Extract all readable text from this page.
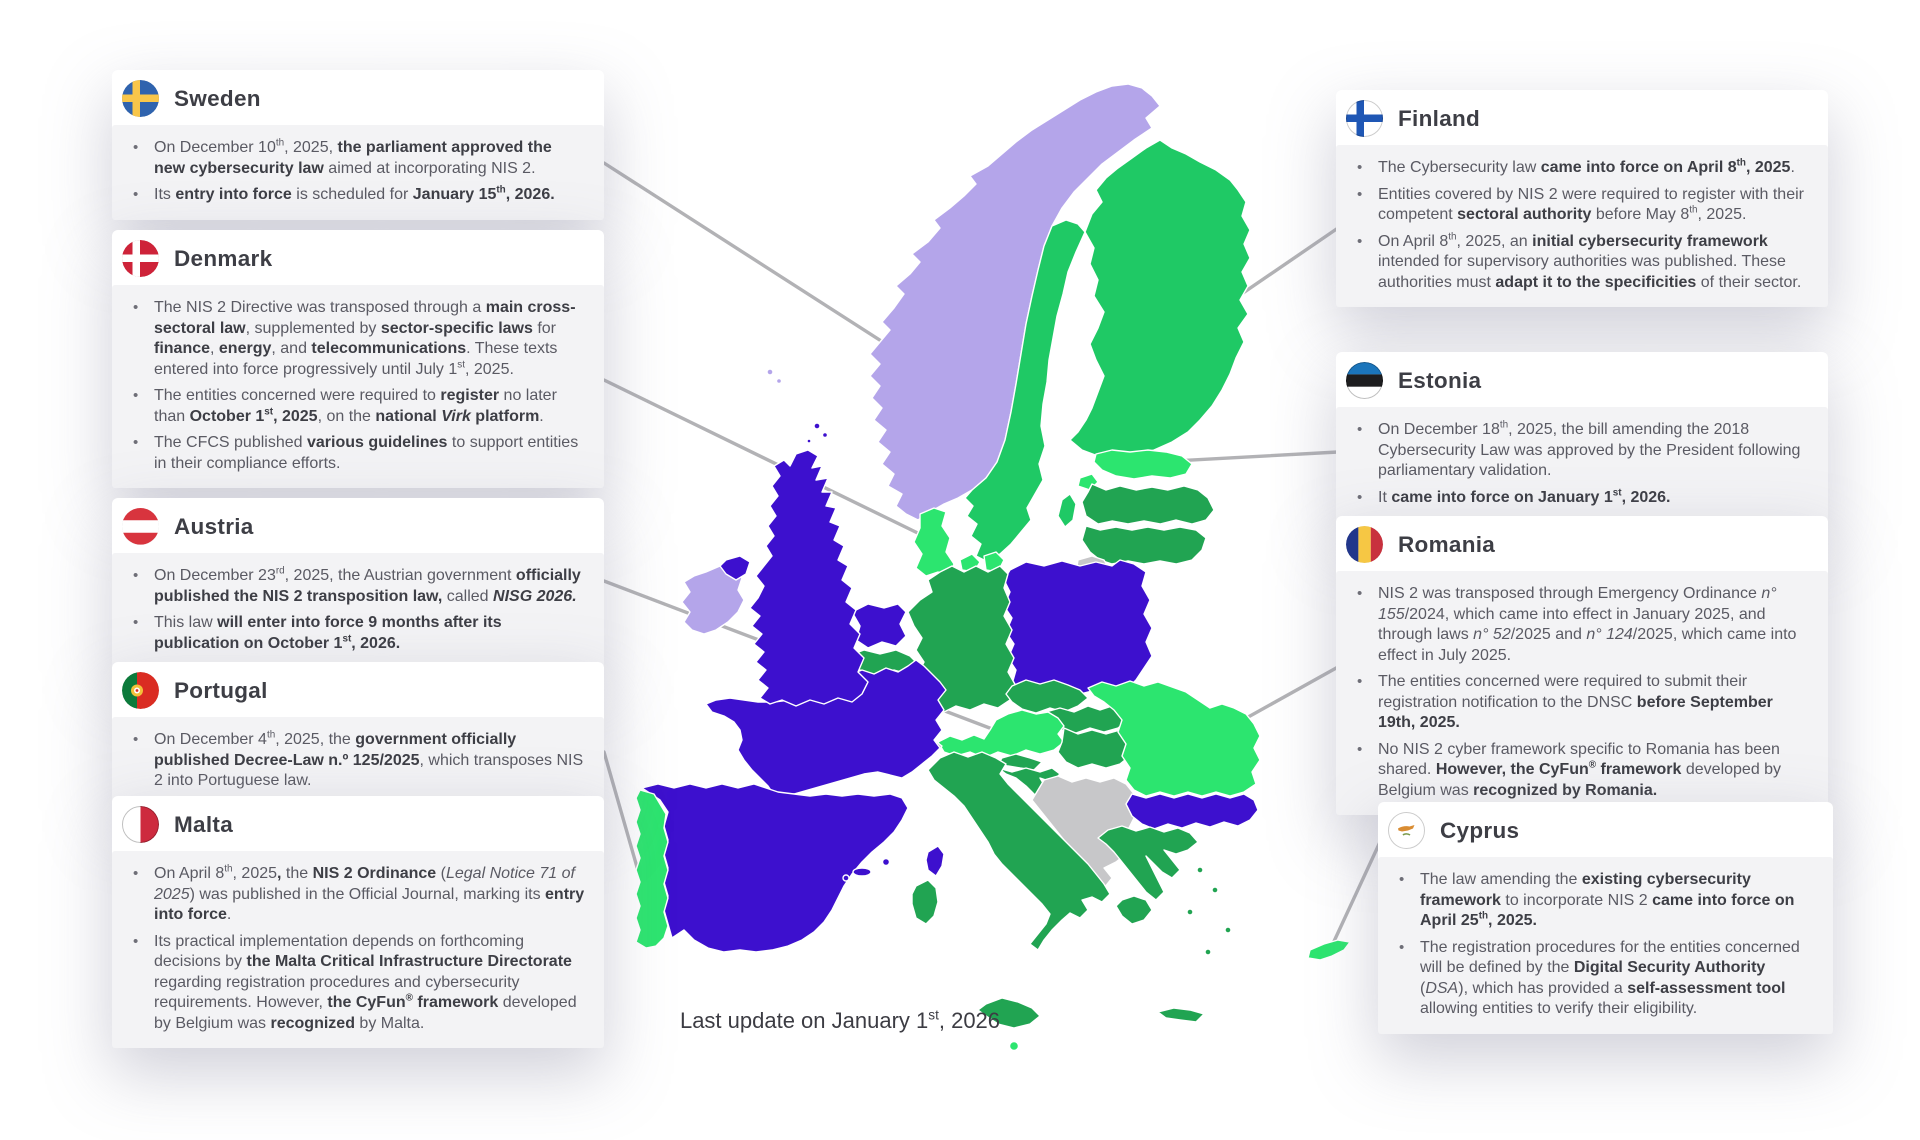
Sweden
• On December 10th, 2025, the parliament approved the new cybersecurity law aimed at incorporating NIS 2.
• Its entry into force is scheduled for January 15th, 2026.
Denmark
• The NIS 2 Directive was transposed through a main cross-sectoral law, supplemented by sector-specific laws for finance, energy, and telecommunications. These texts entered into force progressively until July 1st, 2025.
• The entities concerned were required to register no later than October 1st, 2025, on the national Virk platform.
• The CFCS published various guidelines to support entities in their compliance efforts.
Austria
• On December 23rd, 2025, the Austrian government officially published the NIS 2 transposition law, called NISG 2026.
• This law will enter into force 9 months after its publication on October 1st, 2026.
Portugal
• On December 4th, 2025, the government officially published Decree-Law n.º 125/2025, which transposes NIS 2 into Portuguese law.
Malta
• On April 8th, 2025, the NIS 2 Ordinance (Legal Notice 71 of 2025) was published in the Official Journal, marking its entry into force.
• Its practical implementation depends on forthcoming decisions by the Malta Critical Infrastructure Directorate regarding registration procedures and cybersecurity requirements. However, the CyFun® framework developed by Belgium was recognized by Malta.
Finland
• The Cybersecurity law came into force on April 8th, 2025.
• Entities covered by NIS 2 were required to register with their competent sectoral authority before May 8th, 2025.
• On April 8th, 2025, an initial cybersecurity framework intended for supervisory authorities was published. These authorities must adapt it to the specificities of their sector.
Estonia
• On December 18th, 2025, the bill amending the 2018 Cybersecurity Law was approved by the President following parliamentary validation.
• It came into force on January 1st, 2026.
Romania
• NIS 2 was transposed through Emergency Ordinance n° 155/2024, which came into effect in January 2025, and through laws n° 52/2025 and n° 124/2025, which came into effect in July 2025.
• The entities concerned were required to submit their registration notification to the DNSC before September 19th, 2025.
• No NIS 2 cyber framework specific to Romania has been shared. However, the CyFun® framework developed by Belgium was recognized by Romania.
Cyprus
• The law amending the existing cybersecurity framework to incorporate NIS 2 came into force on April 25th, 2025.
• The registration procedures for the entities concerned will be defined by the Digital Security Authority (DSA), which has provided a self-assessment tool allowing entities to verify their eligibility.
Last update on January 1st, 2026
